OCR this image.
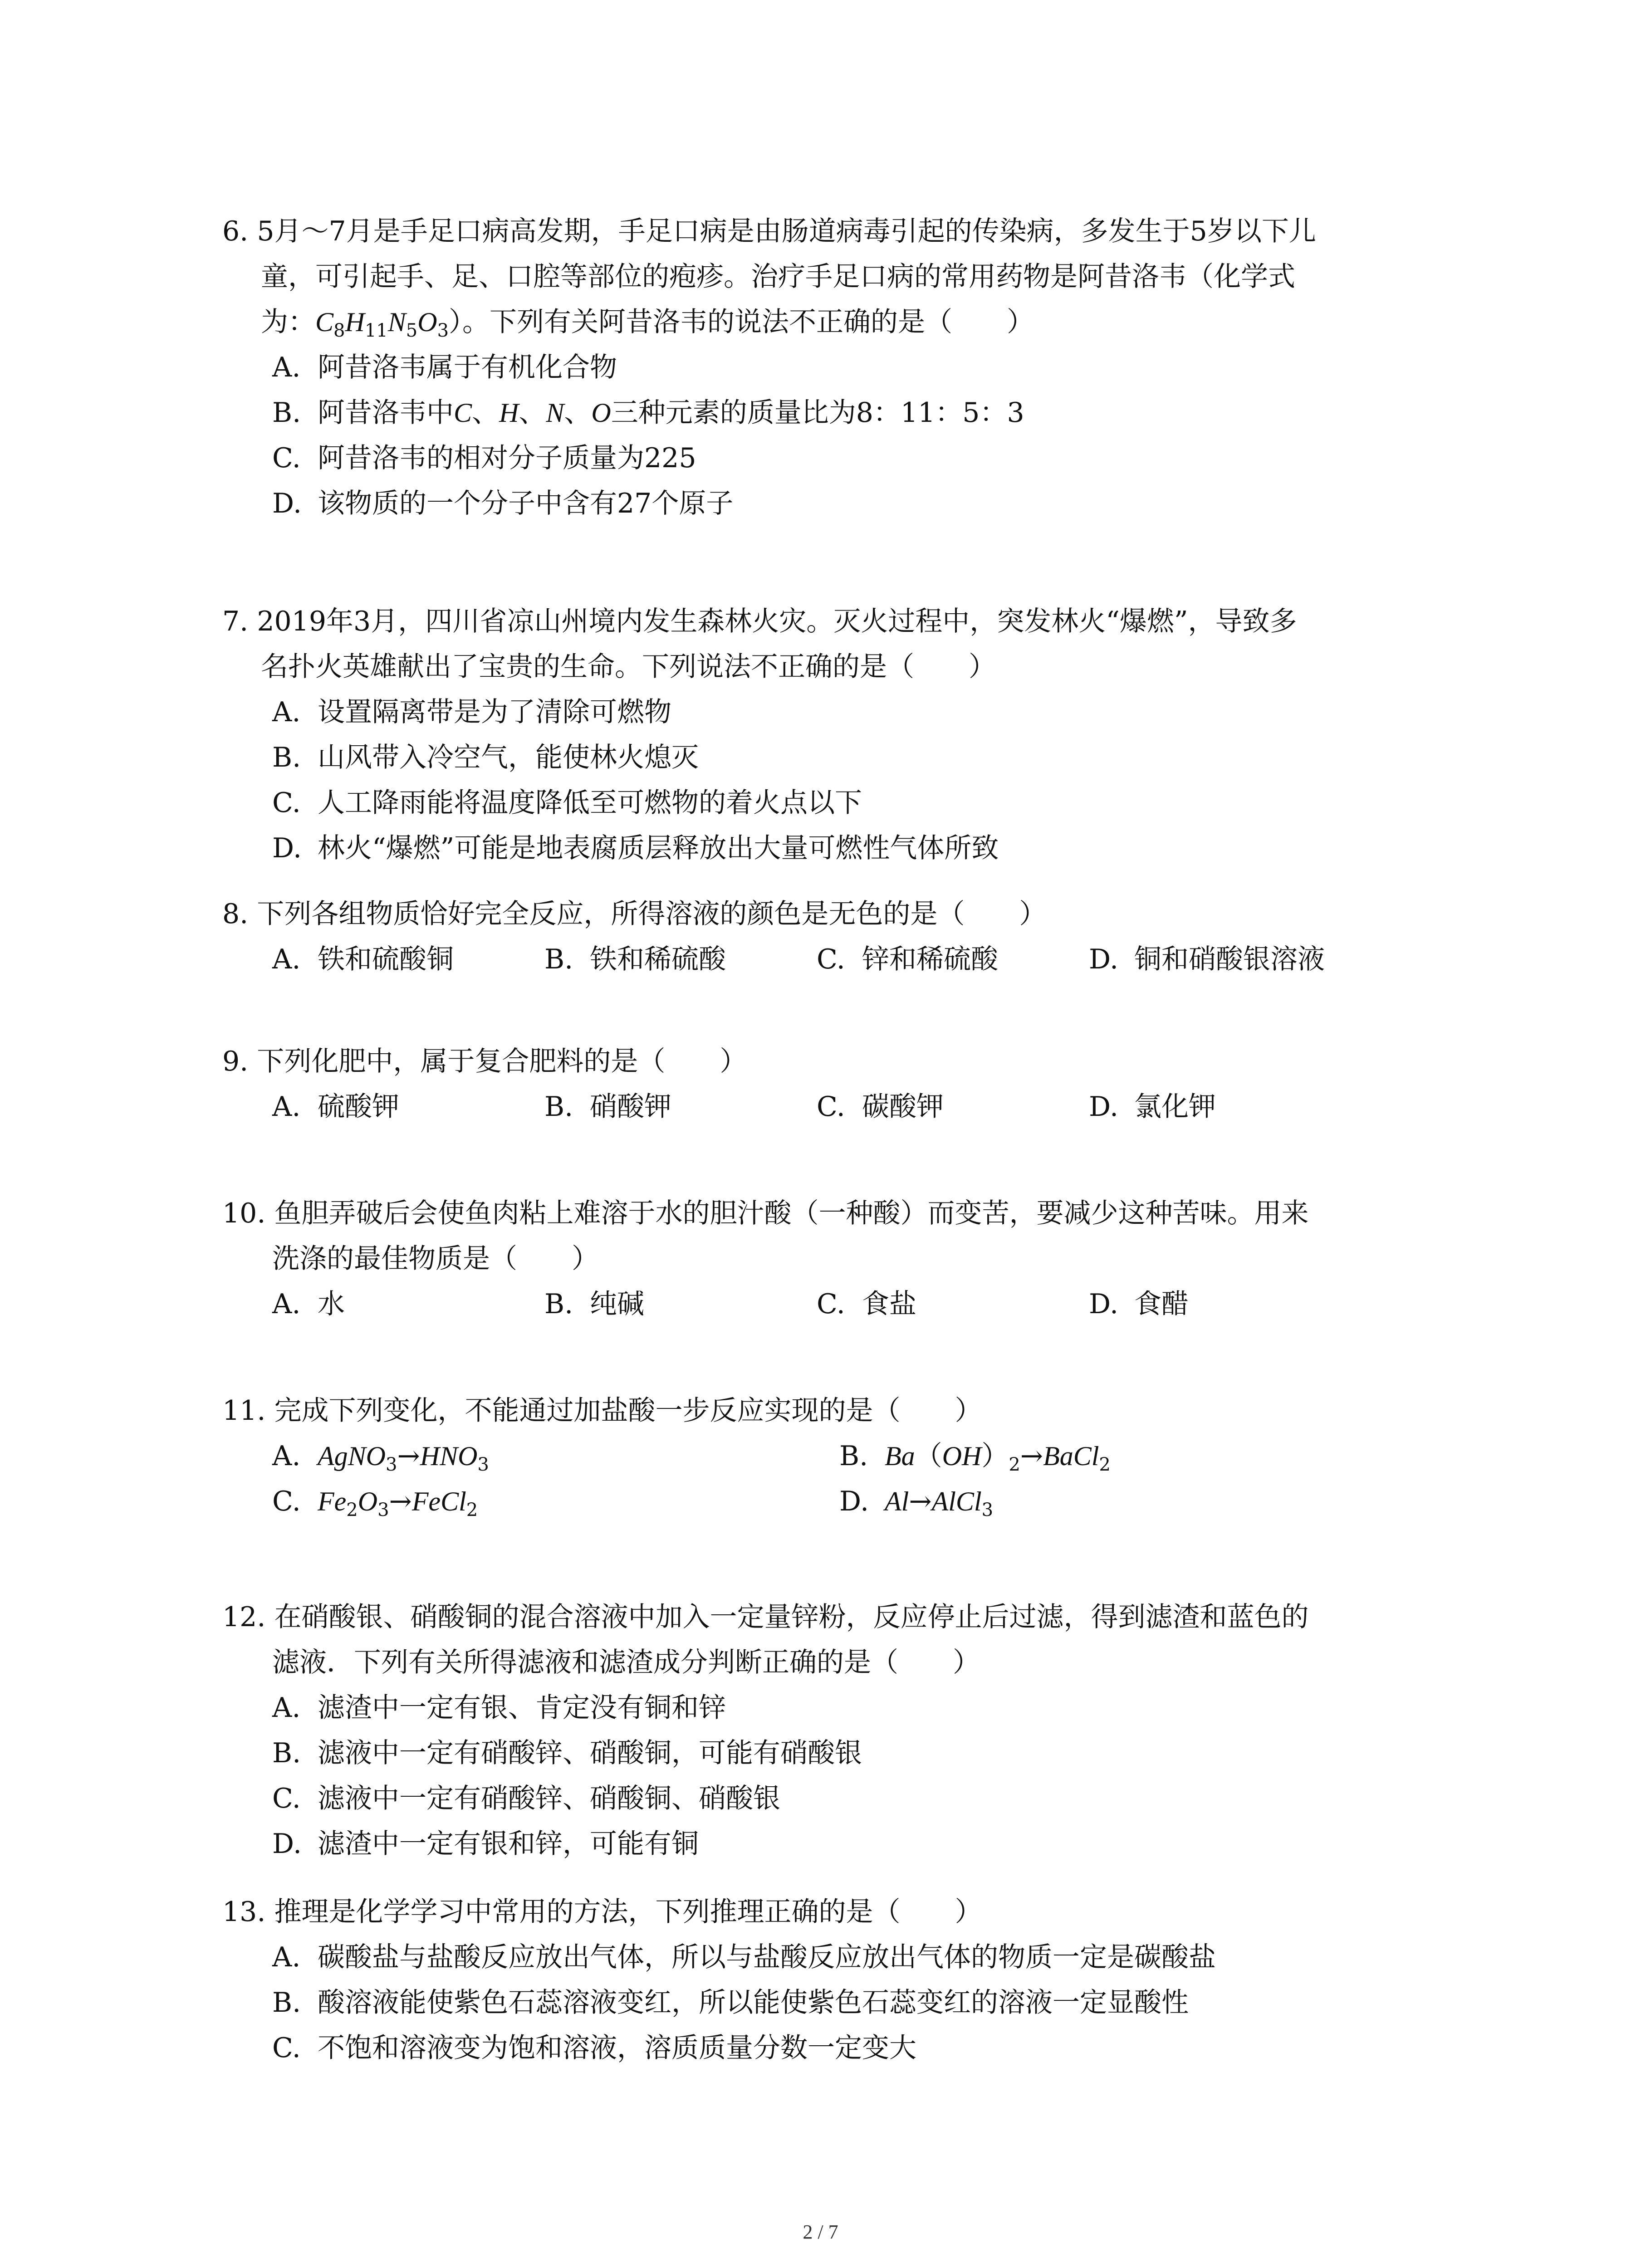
6. 5月～7月是手足口病高发期，手足口病是由肠道病毒引起的传染病，多发生于5岁以下儿
童，可引起手、足、口腔等部位的疱疹。治疗手足口病的常用药物是阿昔洛韦（化学式
为：$C_8H_{11}N_5O_3$）。下列有关阿昔洛韦的说法不正确的是（　　）
A. 阿昔洛韦属于有机化合物
B. 阿昔洛韦中C、H、N、O三种元素的质量比为8：11：5：3
C. 阿昔洛韦的相对分子质量为225
D. 该物质的一个分子中含有27个原子
7. 2019年3月，四川省凉山州境内发生森林火灾。灭火过程中，突发林火“爆燃”，导致多
名扑火英雄献出了宝贵的生命。下列说法不正确的是（　　）
A. 设置隔离带是为了清除可燃物
B. 山风带入冷空气，能使林火熄灭
C. 人工降雨能将温度降低至可燃物的着火点以下
D. 林火“爆燃”可能是地表腐质层释放出大量可燃性气体所致
8. 下列各组物质恰好完全反应，所得溶液的颜色是无色的是（　　）
A. 铁和硫酸铜	B. 铁和稀硫酸	C. 锌和稀硫酸	D. 铜和硝酸银溶液
9. 下列化肥中，属于复合肥料的是（　　）
A. 硫酸钾	B. 硝酸钾	C. 碳酸钾	D. 氯化钾
10. 鱼胆弄破后会使鱼肉粘上难溶于水的胆汁酸（一种酸）而变苦，要减少这种苦味。用来
洗涤的最佳物质是（　　）
A. 水	B. 纯碱	C. 食盐	D. 食醋
11. 完成下列变化，不能通过加盐酸一步反应实现的是（　　）
A. $AgNO_3\to HNO_3$	B. $Ba(OH)_2\to BaCl_2$
C. $Fe_2O_3\to FeCl_2$	D. Al→AlCl$_3$
12. 在硝酸银、硝酸铜的混合溶液中加入一定量锌粉，反应停止后过滤，得到滤渣和蓝色的
滤液．下列有关所得滤液和滤渣成分判断正确的是（　　）
A. 滤渣中一定有银、肯定没有铜和锌
B. 滤液中一定有硝酸锌、硝酸铜，可能有硝酸银
C. 滤液中一定有硝酸锌、硝酸铜、硝酸银
D. 滤渣中一定有银和锌，可能有铜
13. 推理是化学学习中常用的方法，下列推理正确的是（　　）
A. 碳酸盐与盐酸反应放出气体，所以与盐酸反应放出气体的物质一定是碳酸盐
B. 酸溶液能使紫色石蕊溶液变红，所以能使紫色石蕊变红的溶液一定显酸性
C. 不饱和溶液变为饱和溶液，溶质质量分数一定变大
2 / 7
